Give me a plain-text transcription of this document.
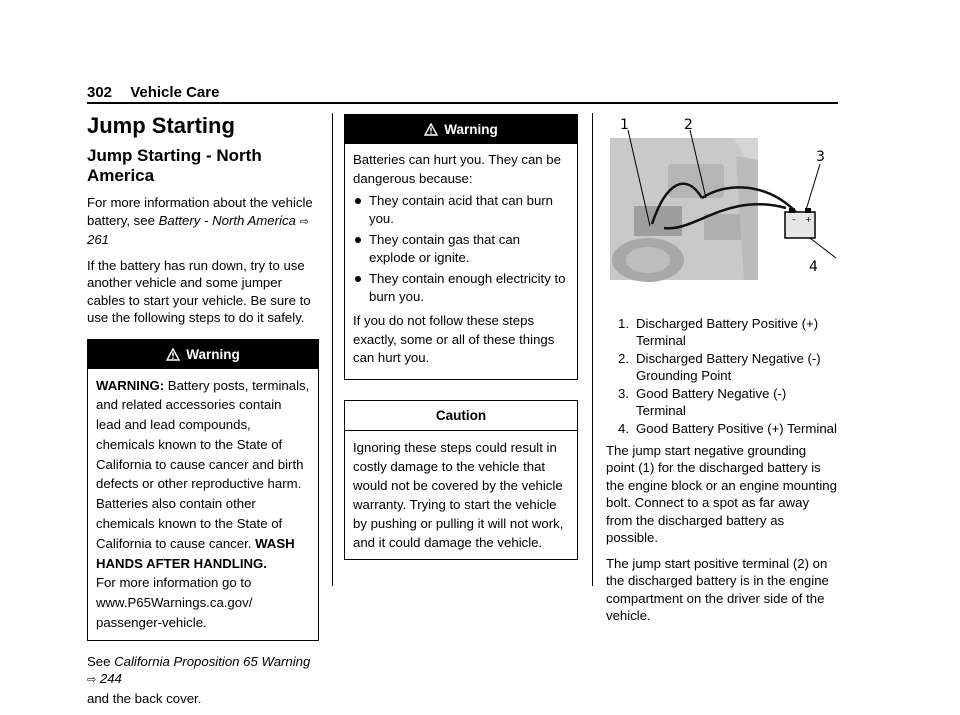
302 Vehicle Care
Jump Starting
Jump Starting - North America

For more information about the vehicle battery, see Battery - North America ⇨ 261

If the battery has run down, try to use another vehicle and some jumper cables to start your vehicle. Be sure to use the following steps to do it safely.

Warning
WARNING: Battery posts, terminals, and related accessories contain lead and lead compounds, chemicals known to the State of California to cause cancer and birth defects or other reproductive harm. Batteries also contain other chemicals known to the State of California to cause cancer. WASH HANDS AFTER HANDLING.
For more information go to
www.P65Warnings.ca.gov/
passenger-vehicle.

See California Proposition 65 Warning ⇨ 244
and the back cover.

Warning

Batteries can hurt you. They can be dangerous because:

They contain acid that can burn you.
They contain gas that can explode or ignite.
They contain enough electricity to burn you.

If you do not follow these steps exactly, some or all of these things can hurt you.

Caution
Ignoring these steps could result in costly damage to the vehicle that would not be covered by the vehicle warranty. Trying to start the vehicle by pushing or pulling it will not work, and it could damage the vehicle.
– +
1	2
3
4
1. Discharged Battery Positive (+) Terminal
2. Discharged Battery Negative (-) Grounding Point
3. Good Battery Negative (-) Terminal
4. Good Battery Positive (+) Terminal

The jump start negative grounding point (1) for the discharged battery is the engine block or an engine mounting bolt. Connect to a spot as far away from the discharged battery as possible.

The jump start positive terminal (2) on the discharged battery is in the engine compartment on the driver side of the vehicle.
